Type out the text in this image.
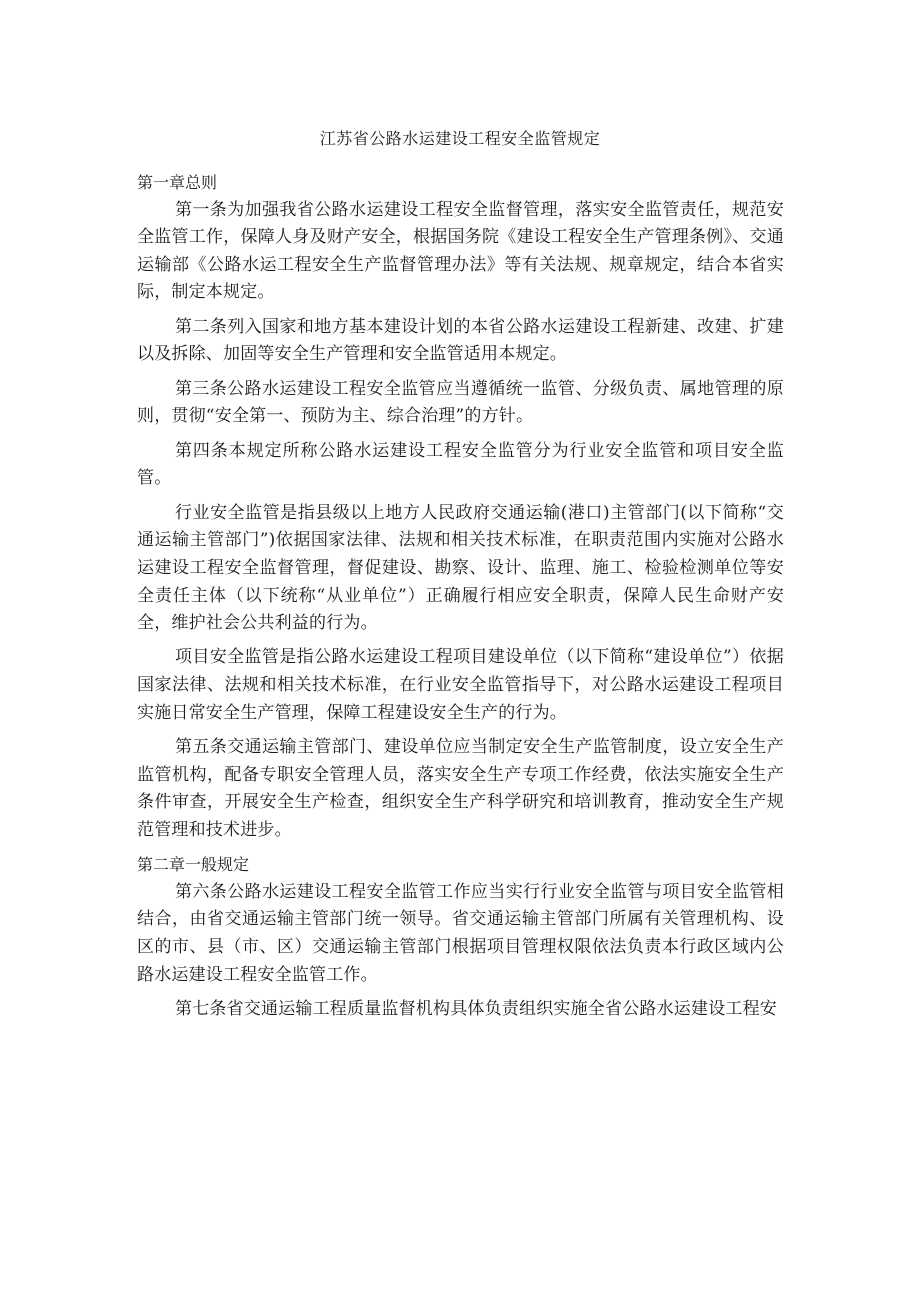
江苏省公路水运建设工程安全监管规定

第一章总则

第一条为加强我省公路水运建设工程安全监督管理，落实安全监管责任，规范安全监管工作，保障人身及财产安全，根据国务院《建设工程安全生产管理条例》、交通运输部《公路水运工程安全生产监督管理办法》等有关法规、规章规定，结合本省实际，制定本规定。

第二条列入国家和地方基本建设计划的本省公路水运建设工程新建、改建、扩建以及拆除、加固等安全生产管理和安全监管适用本规定。

第三条公路水运建设工程安全监管应当遵循统一监管、分级负责、属地管理的原则，贯彻“安全第一、预防为主、综合治理”的方针。

第四条本规定所称公路水运建设工程安全监管分为行业安全监管和项目安全监管。

行业安全监管是指县级以上地方人民政府交通运输(港口)主管部门(以下简称“交通运输主管部门”)依据国家法律、法规和相关技术标准，在职责范围内实施对公路水运建设工程安全监督管理，督促建设、勘察、设计、监理、施工、检验检测单位等安全责任主体（以下统称“从业单位”）正确履行相应安全职责，保障人民生命财产安全，维护社会公共利益的行为。

项目安全监管是指公路水运建设工程项目建设单位（以下简称“建设单位”）依据国家法律、法规和相关技术标准，在行业安全监管指导下，对公路水运建设工程项目实施日常安全生产管理，保障工程建设安全生产的行为。

第五条交通运输主管部门、建设单位应当制定安全生产监管制度，设立安全生产监管机构，配备专职安全管理人员，落实安全生产专项工作经费，依法实施安全生产条件审查，开展安全生产检查，组织安全生产科学研究和培训教育，推动安全生产规范管理和技术进步。

第二章一般规定

第六条公路水运建设工程安全监管工作应当实行行业安全监管与项目安全监管相结合，由省交通运输主管部门统一领导。省交通运输主管部门所属有关管理机构、设区的市、县（市、区）交通运输主管部门根据项目管理权限依法负责本行政区域内公路水运建设工程安全监管工作。

第七条省交通运输工程质量监督机构具体负责组织实施全省公路水运建设工程安
